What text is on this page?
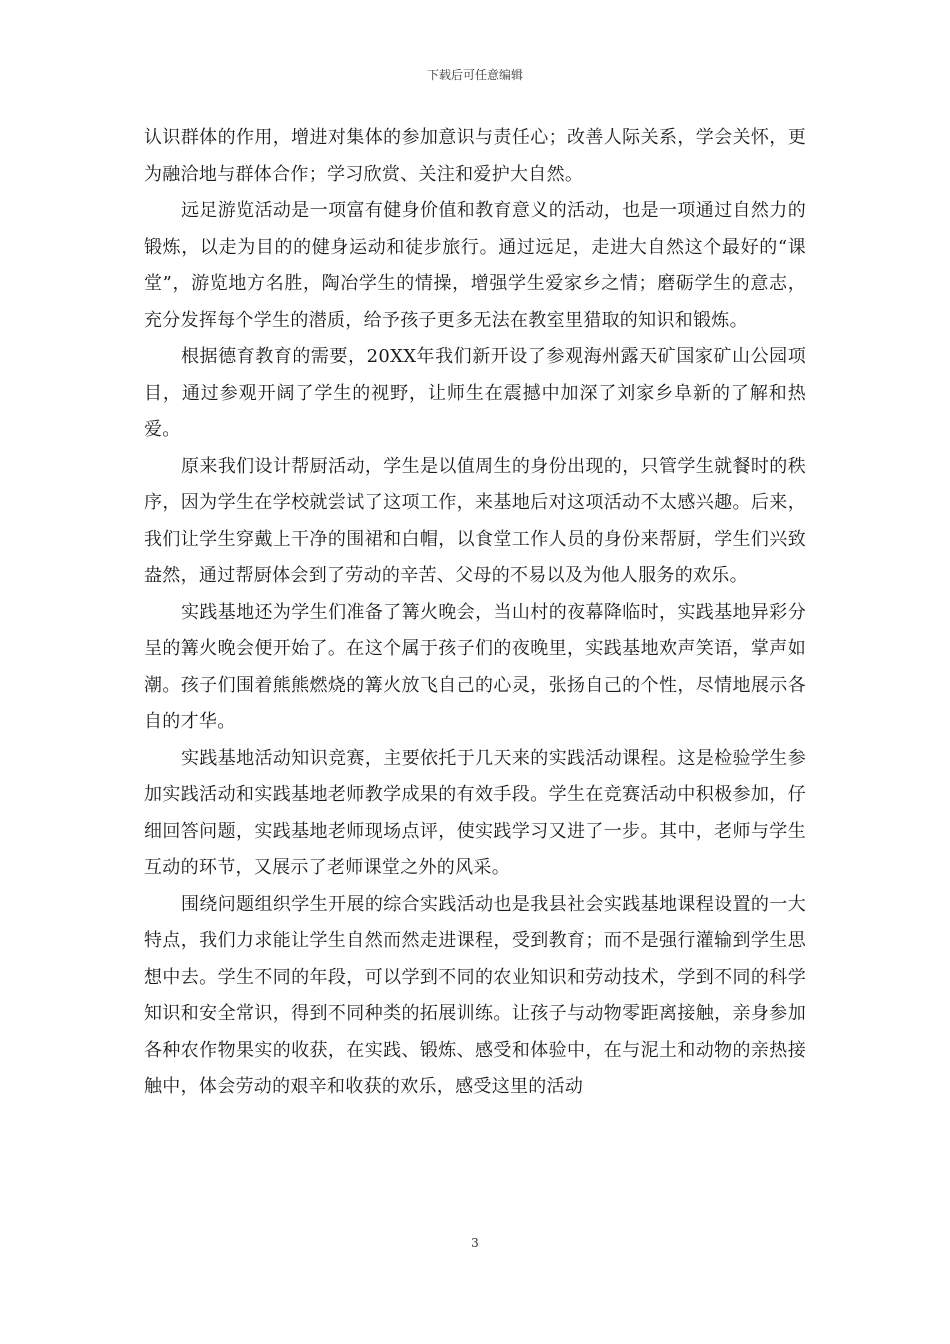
下载后可任意编辑

认识群体的作用，增进对集体的参加意识与责任心；改善人际关系，学会关怀，更为融洽地与群体合作；学习欣赏、关注和爱护大自然。

远足游览活动是一项富有健身价值和教育意义的活动，也是一项通过自然力的锻炼，以走为目的的健身运动和徒步旅行。通过远足，走进大自然这个最好的“课堂”，游览地方名胜，陶冶学生的情操，增强学生爱家乡之情；磨砺学生的意志，充分发挥每个学生的潜质，给予孩子更多无法在教室里猎取的知识和锻炼。

根据德育教育的需要，20XX年我们新开设了参观海州露天矿国家矿山公园项目，通过参观开阔了学生的视野，让师生在震撼中加深了刘家乡阜新的了解和热爱。

原来我们设计帮厨活动，学生是以值周生的身份出现的，只管学生就餐时的秩序，因为学生在学校就尝试了这项工作，来基地后对这项活动不太感兴趣。后来，我们让学生穿戴上干净的围裙和白帽，以食堂工作人员的身份来帮厨，学生们兴致盎然，通过帮厨体会到了劳动的辛苦、父母的不易以及为他人服务的欢乐。

实践基地还为学生们准备了篝火晚会，当山村的夜幕降临时，实践基地异彩分呈的篝火晚会便开始了。在这个属于孩子们的夜晚里，实践基地欢声笑语，掌声如潮。孩子们围着熊熊燃烧的篝火放飞自己的心灵，张扬自己的个性，尽情地展示各自的才华。

实践基地活动知识竞赛，主要依托于几天来的实践活动课程。这是检验学生参加实践活动和实践基地老师教学成果的有效手段。学生在竞赛活动中积极参加，仔细回答问题，实践基地老师现场点评，使实践学习又进了一步。其中，老师与学生互动的环节，又展示了老师课堂之外的风采。

围绕问题组织学生开展的综合实践活动也是我县社会实践基地课程设置的一大特点，我们力求能让学生自然而然走进课程，受到教育；而不是强行灌输到学生思想中去。学生不同的年段，可以学到不同的农业知识和劳动技术，学到不同的科学知识和安全常识，得到不同种类的拓展训练。让孩子与动物零距离接触，亲身参加各种农作物果实的收获，在实践、锻炼、感受和体验中，在与泥土和动物的亲热接触中，体会劳动的艰辛和收获的欢乐，感受这里的活动

3
